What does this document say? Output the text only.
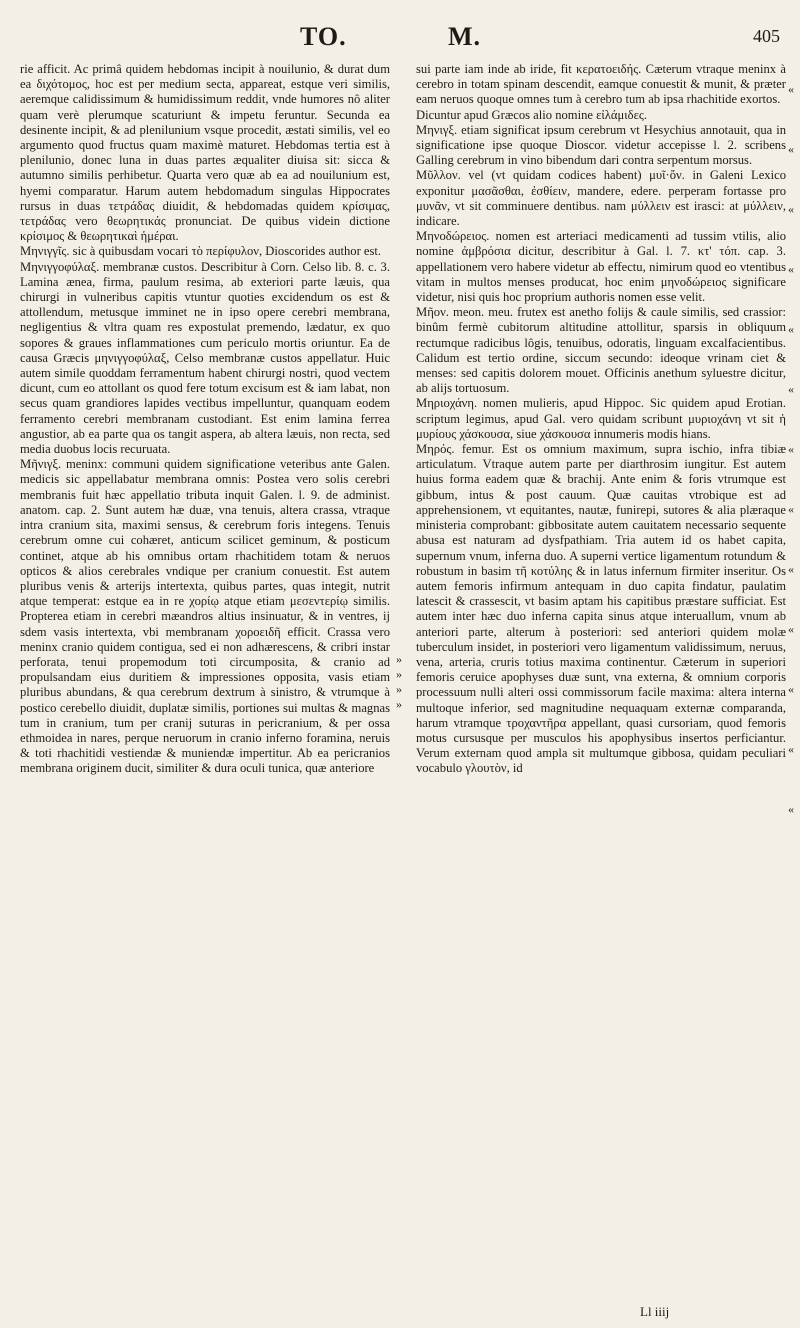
TO.	M.	405

rie afficit. Ac primâ quidem hebdomas incipit à nouilunio, & durat dum ea διχότομος, hoc est per medium secta, appareat, estque veri similis, aeremque calidissimum & humidissimum reddit, vnde humores nô aliter quam verè plerumque scaturiunt & impetu feruntur. Secunda ea desinente incipit, & ad plenilunium vsque procedit, æstati similis, vel eo argumento quod fructus quam maximè maturet. Hebdomas tertia est à plenilunio, donec luna in duas partes æqualiter diuisa sit: sicca & autumno similis perhibetur. Quarta vero quæ ab ea ad nouilunium est, hyemi comparatur. Harum autem hebdomadum singulas Hippocrates rursus in duas τετράδας diuidit, & hebdomadas quidem κρίσιμας, τετράδας vero θεωρητικάς pronunciat. De quibus videin dictione κρίσιμος & θεωρητικαὶ ἡμέραι.

Μηνιγγῖς. sic à quibusdam vocari τὸ περίφυλον, Dioscorides author est.

Μηνιγγοφύλαξ. membranæ custos. Describitur à Corn. Celso lib. 8. c. 3. Lamina ænea, firma, paulum resima, ab exteriori parte læuis, qua chirurgi in vulneribus capitis vtuntur quoties excidendum os est & attollendum, metusque imminet ne in ipso opere cerebri membrana, negligentius & vltra quam res expostulat premendo, lædatur, ex quo sopores & graues inflammationes cum periculo mortis oriuntur. Ea de causa Græcis μηνιγγοφύλαξ, Celso membranæ custos appellatur. Huic autem simile quoddam ferramentum habent chirurgi nostri, quod vectem dicunt, cum eo attollant os quod fere totum excisum est & iam labat, non secus quam grandiores lapides vectibus impelluntur, quanquam eodem ferramento cerebri membranam custodiant. Est enim lamina ferrea angustior, ab ea parte qua os tangit aspera, ab altera læuis, non recta, sed media duobus locis recuruata.

Μῆνιγξ. meninx: communi quidem significatione veteribus ante Galen. medicis sic appellabatur membrana omnis: Postea vero solis cerebri membranis fuit hæc appellatio tributa inquit Galen. l. 9. de administ. anatom. cap. 2. Sunt autem hæ duæ, vna tenuis, altera crassa, vtraque intra cranium sita, maximi sensus, & cerebrum foris integens. Tenuis cerebrum omne cui cohæret, anticum scilicet geminum, & posticum continet, atque ab his omnibus ortam rhachitidem totam & neruos opticos & alios cerebrales vndique per cranium conuestit. Est autem pluribus venis & arterijs intertexta, quibus partes, quas integit, nutrit atque temperat: estque ea in re χορίῳ atque etiam μεσεντερίῳ similis. Propterea etiam in cerebri mæandros altius insinuatur, & in ventres, ij sdem vasis intertexta, vbi membranam χοροειδῆ efficit. Crassa vero meninx cranio quidem contigua, sed ei non adhærescens, & cribri instar perforata, tenui propemodum toti circumposita, & cranio ad propulsandam eius duritiem & impressiones opposita, vasis etiam pluribus abundans, & qua cerebrum dextrum à sinistro, & vtrumque à postico cerebello diuidit, duplatæ similis, portiones sui multas & magnas tum in cranium, tum per cranij suturas in pericranium, & per ossa ethmoidea in nares, perque neruorum in cranio inferno foramina, neruis & toti rhachitidi vestiendæ & muniendæ impertitur. Ab ea pericranios membrana originem ducit, similiter & dura oculi tunica, quæ anteriore

»
»
»
»

sui parte iam inde ab iride, fit κερατοειδής. Cæterum vtraque meninx à cerebro in totam spinam descendit, eamque conuestit & munit, & præter eam neruos quoque omnes tum à cerebro tum ab ipsa rhachitide exortos.

Dicuntur apud Græcos alio nomine εἰλάμιδες.

Μηνιγξ. etiam significat ipsum cerebrum vt Hesychius annotauit, qua in significatione ipse quoque Dioscor. videtur accepisse l. 2. scribens Galling cerebrum in vino bibendum dari contra serpentum morsus.

Μῦλλον. vel (vt quidam codices habent) μυῖ·ὄν. in Galeni Lexico exponitur μασᾶσθαι, ἐσθίειν, mandere, edere. perperam fortasse pro μυνᾶν, vt sit comminuere dentibus. nam μύλλειν est irasci: at μύλλειν, indicare.

Μηνοδώρειος. nomen est arteriaci medicamenti ad tussim vtilis, alio nomine ἀμβρόσια dicitur, describitur à Gal. l. 7. κτ' τόπ. cap. 3. appellationem vero habere videtur ab effectu, nimirum quod eo vtentibus vitam in multos menses producat, hoc enim μηνοδώρειος significare videtur, nisi quis hoc proprium authoris nomen esse velit.

Μῆον. meon. meu. frutex est anetho folijs & caule similis, sed crassior: binûm fermè cubitorum altitudine attollitur, sparsis in obliquum rectumque radicibus lôgis, tenuibus, odoratis, linguam excalfacientibus. Calidum est tertio ordine, siccum secundo: ideoque vrinam ciet & menses: sed capitis dolorem mouet. Officinis anethum syluestre dicitur, ab alijs tortuosum.

Μηριοχάνη. nomen mulieris, apud Hippoc. Sic quidem apud Erotian. scriptum legimus, apud Gal. vero quidam scribunt μυριοχάνη vt sit ἡ μυρίους χάσκουσα, siue χάσκουσα innumeris modis hians.

Μηρός. femur. Est os omnium maximum, supra ischio, infra tibiæ articulatum. Vtraque autem parte per diarthrosim iungitur. Est autem huius forma eadem quæ & brachij. Ante enim & foris vtrumque est gibbum, intus & post cauum. Quæ cauitas vtrobique est ad apprehensionem, vt equitantes, nautæ, funirepi, sutores & alia plæraque ministeria comprobant: gibbositate autem cauitatem necessario sequente abusa est naturam ad dysfpathiam. Tria autem id os habet capita, supernum vnum, inferna duo. A superni vertice ligamentum rotundum & robustum in basim τῆ κοτύλης & in latus infernum firmiter inseritur. Os autem femoris infirmum antequam in duo capita findatur, paulatim latescit & crassescit, vt basim aptam his capitibus præstare sufficiat. Est autem inter hæc duo inferna capita sinus atque interuallum, vnum ab anteriori parte, alterum à posteriori: sed anteriori quidem molæ tuberculum insidet, in posteriori vero ligamentum validissimum, neruus, vena, arteria, cruris totius maxima continentur. Cæterum in superiori femoris ceruice apophyses duæ sunt, vna externa, & omnium corporis processuum nulli alteri ossi commissorum facile maxima: altera interna multoque inferior, sed magnitudine nequaquam externæ comparanda, harum vtramque τροχαντῆρα appellant, quasi cursoriam, quod femoris motus cursusque per musculos his apophysibus insertos perficiantur. Verum externam quod ampla sit multumque gibbosa, quidam peculiari vocabulo γλουτὸν, id

«
«
«
«
«
«
«
«
«
«
«
«
«
Ll iiij
